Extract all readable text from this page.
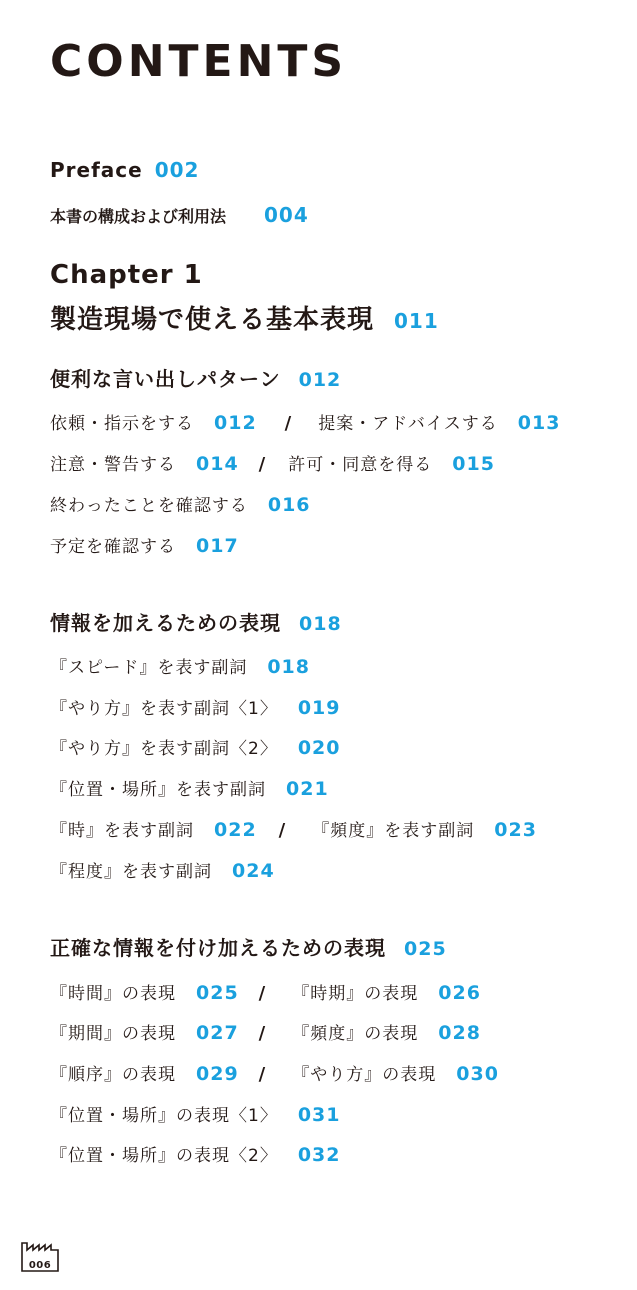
CONTENTS
Preface 002
本書の構成および利用法 004
Chapter 1
製造現場で使える基本表現 011
便利な言い出しパターン 012
依頼・指示をする 012 / 提案・アドバイスする 013
注意・警告する 014 / 許可・同意を得る 015
終わったことを確認する 016
予定を確認する 017
情報を加えるための表現 018
『スピード』を表す副詞 018
『やり方』を表す副詞〈1〉 019
『やり方』を表す副詞〈2〉 020
『位置・場所』を表す副詞 021
『時』を表す副詞 022 / 『頻度』を表す副詞 023
『程度』を表す副詞 024
正確な情報を付け加えるための表現 025
『時間』の表現 025 / 『時期』の表現 026
『期間』の表現 027 / 『頻度』の表現 028
『順序』の表現 029 / 『やり方』の表現 030
『位置・場所』の表現〈1〉 031
『位置・場所』の表現〈2〉 032
006
